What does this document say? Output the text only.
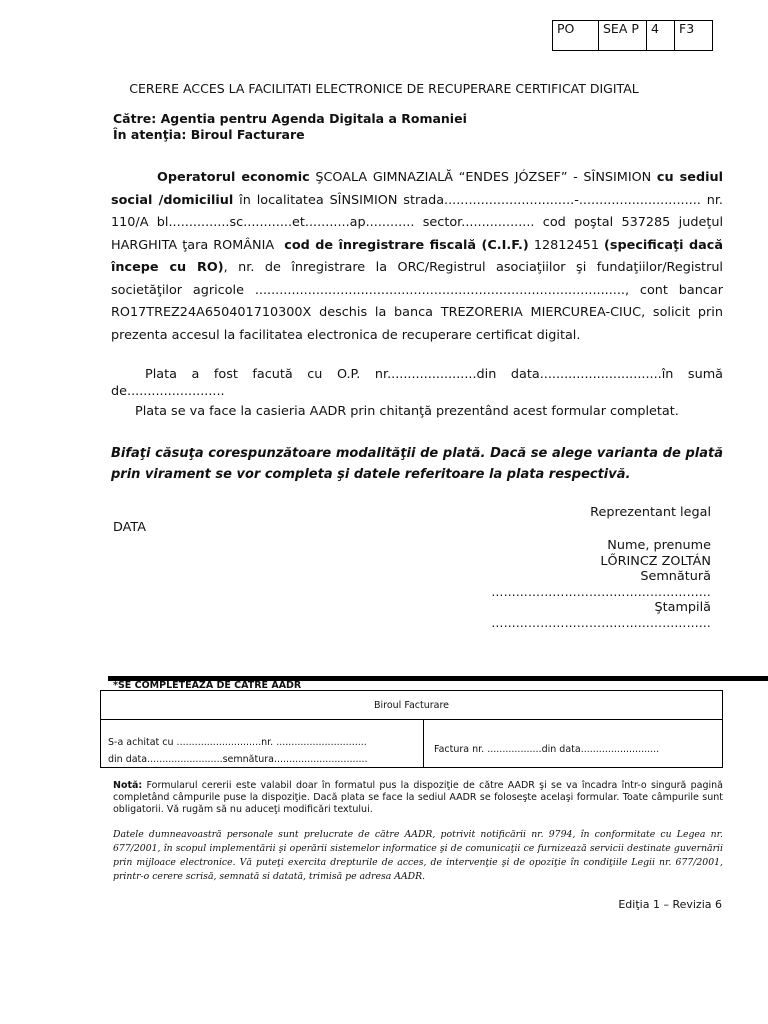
PO	SEA P	4	F3
CERERE ACCES LA FACILITATI ELECTRONICE DE RECUPERARE CERTIFICAT DIGITAL
Către: Agentia pentru Agenda Digitala a Romaniei
În atenţia: Biroul Facturare
Operatorul economic ŞCOALA GIMNAZIALĂ “ENDES JÓZSEF” - SÎNSIMION cu sediul social /domiciliul în localitatea SÎNSIMION strada................................-.............................. nr. 110/A bl...............sc............et...........ap............ sector.................. cod poştal 537285 judeţul HARGHITA ţara ROMÂNIA cod de înregistrare fiscală (C.I.F.) 12812451 (specificaţi dacă începe cu RO), nr. de înregistrare la ORC/Registrul asociaţiilor şi fundaţiilor/Registrul societăţilor agricole ..........................................................................................., cont bancar RO17TREZ24A650401710300X deschis la banca TREZORERIA MIERCUREA-CIUC, solicit prin prezenta accesul la facilitatea electronica de recuperare certificat digital.
Plata a fost facută cu O.P. nr......................din data..............................în sumă de........................
Plata se va face la casieria AADR prin chitanţă prezentând acest formular completat.
Bifaţi căsuţa corespunzătoare modalităţii de plată. Dacă se alege varianta de plată prin virament se vor completa şi datele referitoare la plata respectivă.
Reprezentant legal
DATA
Nume, prenume
LŐRINCZ ZOLTÁN
Semnătură
………………………………………………
Ştampilă
………………………………………………
*SE COMPLETEAZA DE CATRE AADR
Biroul Facturare
S-a achitat cu ............................nr. ..............................
din data.........................semnătura...............................
Factura nr. ..................din data..........................
Notă: Formularul cererii este valabil doar în formatul pus la dispoziţie de către AADR şi se va încadra într-o singură pagină completând câmpurile puse la dispoziţie. Dacă plata se face la sediul AADR se foloseşte acelaşi formular. Toate câmpurile sunt obligatorii. Vă rugăm să nu aduceţi modificări textului.
Datele dumneavoastră personale sunt prelucrate de către AADR, potrivit notificării nr. 9794, în conformitate cu Legea nr. 677/2001, în scopul implementării şi operării sistemelor informatice şi de comunicaţii ce furnizează servicii destinate guvernării prin mijloace electronice. Vă puteţi exercita drepturile de acces, de intervenţie şi de opoziţie în condiţiile Legii nr. 677/2001, printr-o cerere scrisă, semnată si datată, trimisă pe adresa AADR.
Ediţia 1 – Revizia 6
